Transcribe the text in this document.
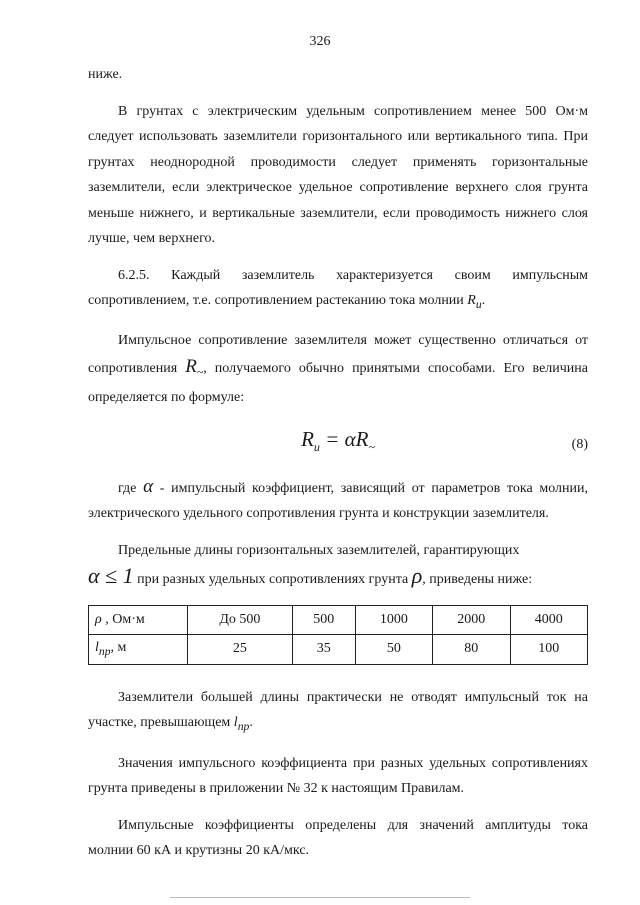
326

ниже.

В грунтах с электрическим удельным сопротивлением менее 500 Ом·м следует использовать заземлители горизонтального или вертикального типа. При грунтах неоднородной проводимости следует применять горизонтальные заземлители, если электрическое удельное сопротивление верхнего слоя грунта меньше нижнего, и вертикальные заземлители, если проводимость нижнего слоя лучше, чем верхнего.

6.2.5. Каждый заземлитель характеризуется своим импульсным сопротивлением, т.е. сопротивлением растеканию тока молнии $R_и$.

Импульсное сопротивление заземлителя может существенно отличаться от сопротивления $R_\sim$, получаемого обычно принятыми способами. Его величина определяется по формуле:

$R_и = \alpha R_\sim$	(8)

где α - импульсный коэффициент, зависящий от параметров тока молнии, электрического удельного сопротивления грунта и конструкции заземлителя.

Предельные длины горизонтальных заземлителей, гарантирующих

α ≤ 1 при разных удельных сопротивлениях грунта ρ, приведены ниже:

ρ , Ом·м	До 500	500	1000	2000	4000
$l_{пр}$, м	25	35	50	80	100

Заземлители большей длины практически не отводят импульсный ток на участке, превышающем $l_{пр}$.

Значения импульсного коэффициента при разных удельных сопротивлениях грунта приведены в приложении № 32 к настоящим Правилам.

Импульсные коэффициенты определены для значений амплитуды тока молнии 60 кА и крутизны 20 кА/мкс.
